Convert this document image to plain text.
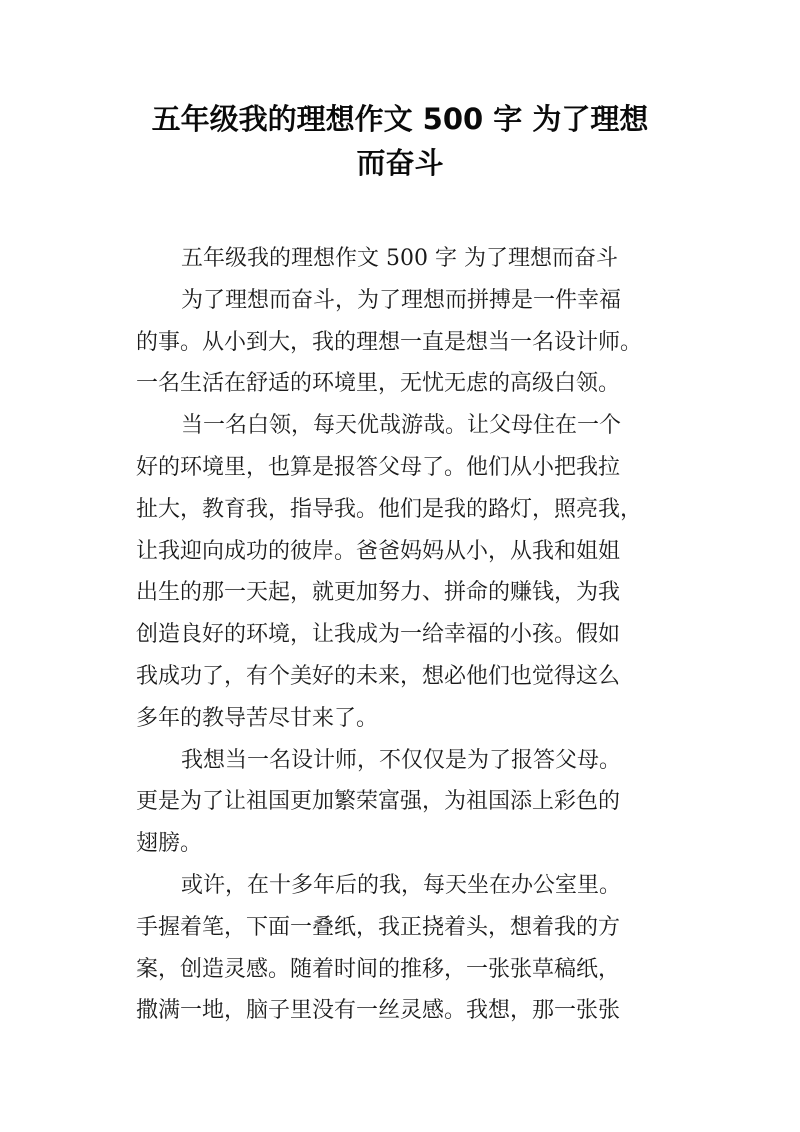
五年级我的理想作文 500 字 为了理想
而奋斗
五年级我的理想作文 500 字 为了理想而奋斗
为了理想而奋斗，为了理想而拼搏是一件幸福
的事。从小到大，我的理想一直是想当一名设计师。
一名生活在舒适的环境里，无忧无虑的高级白领。
当一名白领，每天优哉游哉。让父母住在一个
好的环境里，也算是报答父母了。他们从小把我拉
扯大，教育我，指导我。他们是我的路灯，照亮我，
让我迎向成功的彼岸。爸爸妈妈从小，从我和姐姐
出生的那一天起，就更加努力、拼命的赚钱，为我
创造良好的环境，让我成为一给幸福的小孩。假如
我成功了，有个美好的未来，想必他们也觉得这么
多年的教导苦尽甘来了。
我想当一名设计师，不仅仅是为了报答父母。
更是为了让祖国更加繁荣富强，为祖国添上彩色的
翅膀。
或许，在十多年后的我，每天坐在办公室里。
手握着笔，下面一叠纸，我正挠着头，想着我的方
案，创造灵感。随着时间的推移，一张张草稿纸，
撒满一地，脑子里没有一丝灵感。我想，那一张张
